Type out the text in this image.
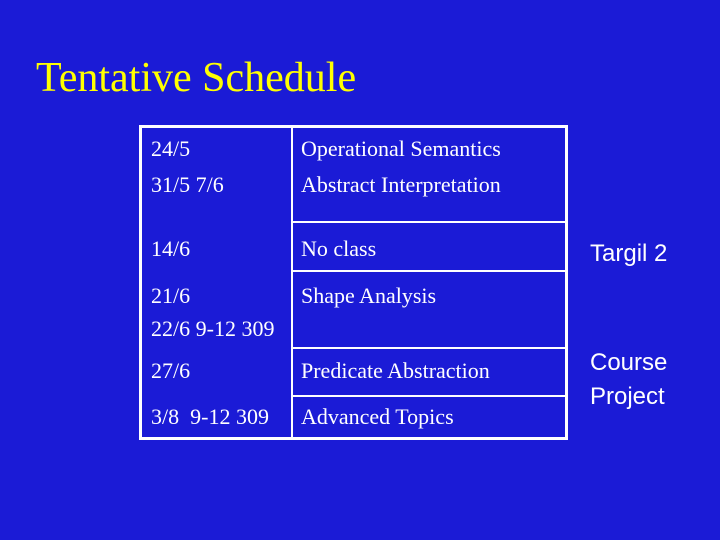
Tentative Schedule
24/5
31/5 7/6
14/6
21/6
22/6 9-12 309
27/6
3/8  9-12 309
Operational Semantics
Abstract Interpretation
No class
Shape Analysis
Predicate Abstraction
Advanced Topics
Targil 2
Course
Project
